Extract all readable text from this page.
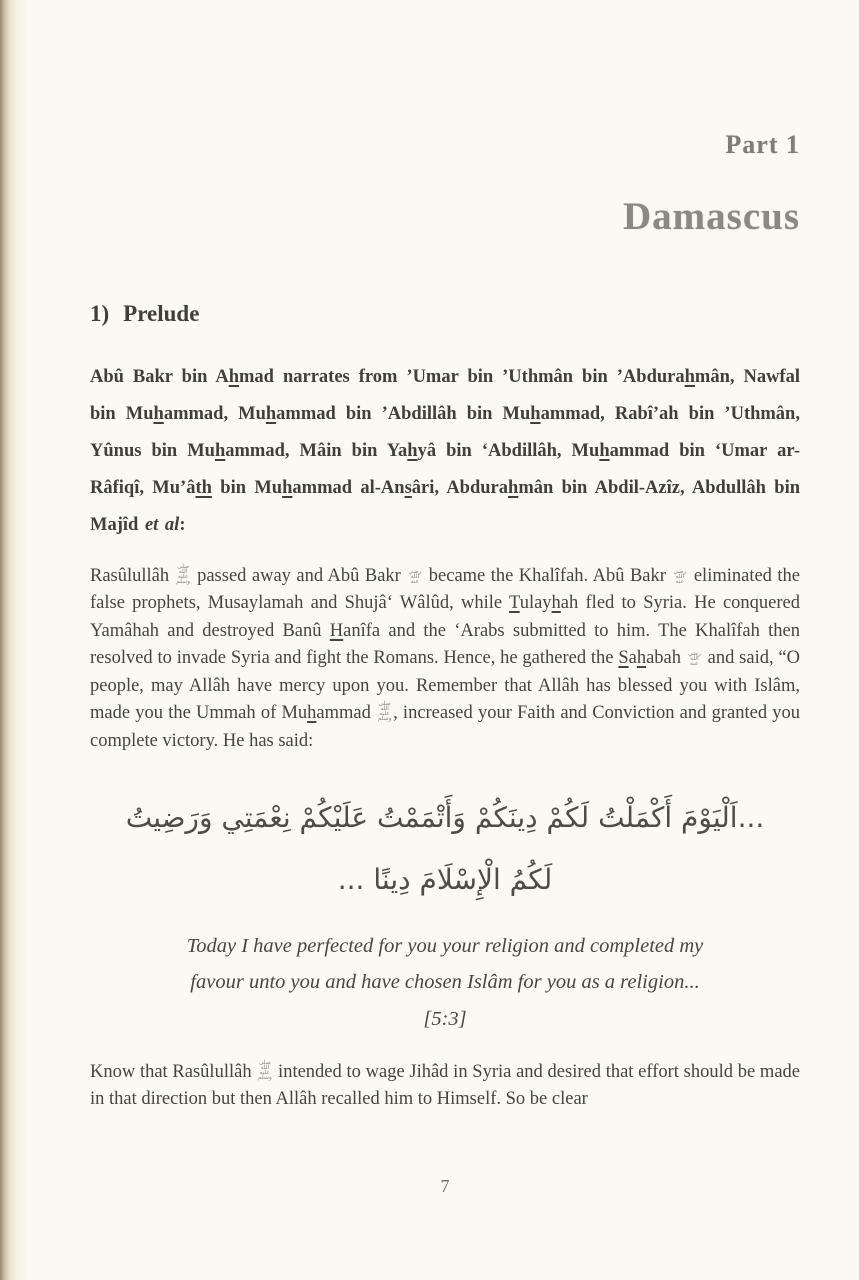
Part 1
Damascus
1) Prelude

Abû Bakr bin Ahmad narrates from ’Umar bin ’Uthmân bin ’Abdurahmân, Nawfal bin Muhammad, Muhammad bin ’Abdillâh bin Muhammad, Rabî’ah bin ’Uthmân, Yûnus bin Muhammad, Mâin bin Yahyâ bin ‘Abdillâh, Muhammad bin ‘Umar ar-Râfiqî, Mu’âth bin Muhammad al-Ansâri, Abdurahmân bin Abdil-Azîz, Abdullâh bin Majîd et al:

Rasûlullâh صلى الله عليه وسلم passed away and Abû Bakr رضي الله عنه became the Khalîfah. Abû Bakr رضي الله عنه eliminated the false prophets, Musaylamah and Shujâ‘ Wâlûd, while Tulayhah fled to Syria. He conquered Yamâhah and destroyed Banû Hanîfa and the ‘Arabs submitted to him. The Khalîfah then resolved to invade Syria and fight the Romans. Hence, he gathered the Sahabah رضي الله عنه and said, “O people, may Allâh have mercy upon you. Remember that Allâh has blessed you with Islâm, made you the Ummah of Muhammad صلى الله عليه وسلم, increased your Faith and Conviction and granted you complete victory. He has said:

...اَلْيَوْمَ أَكْمَلْتُ لَكُمْ دِينَكُمْ وَأَتْمَمْتُ عَلَيْكُمْ نِعْمَتِي وَرَضِيتُ
لَكُمُ الْإِسْلَامَ دِينًا ...
Today I have perfected for you your religion and completed my
favour unto you and have chosen Islâm for you as a religion...
[5:3]

Know that Rasûlullâh صلى الله عليه وسلم intended to wage Jihâd in Syria and desired that effort should be made in that direction but then Allâh recalled him to Himself. So be clear

7
